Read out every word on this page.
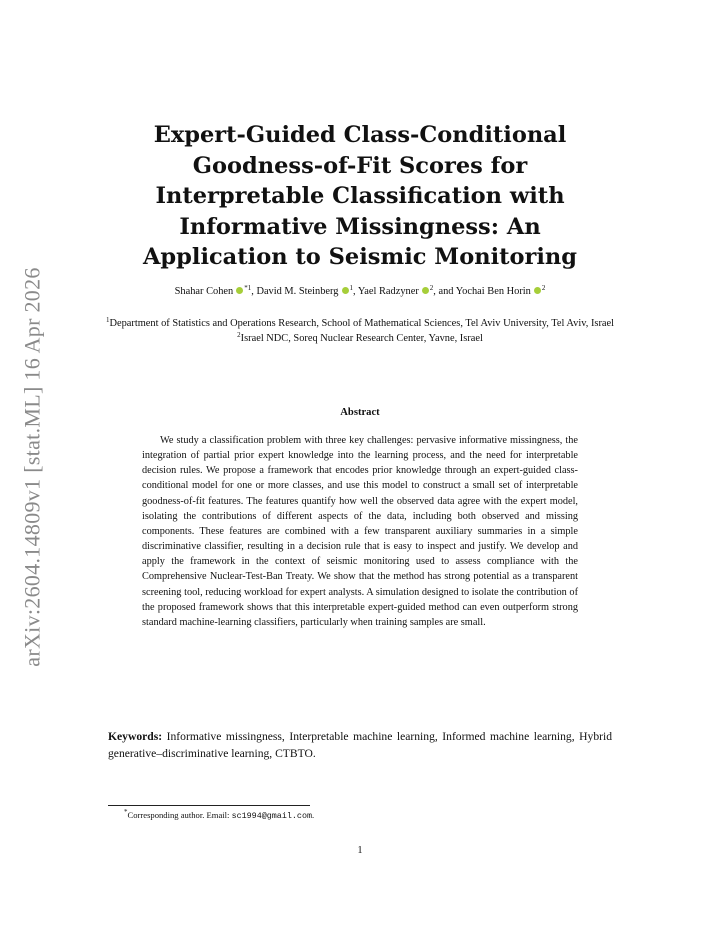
arXiv:2604.14809v1 [stat.ML] 16 Apr 2026
Expert-Guided Class-Conditional Goodness-of-Fit Scores for Interpretable Classification with Informative Missingness: An Application to Seismic Monitoring
Shahar Cohen $^{*1}$, David M. Steinberg $^1$, Yael Radzyner $^2$, and Yochai Ben Horin $^2$
$^1$Department of Statistics and Operations Research, School of Mathematical Sciences, Tel Aviv University, Tel Aviv, Israel
$^2$Israel NDC, Soreq Nuclear Research Center, Yavne, Israel
Abstract

We study a classification problem with three key challenges: pervasive informative missingness, the integration of partial prior expert knowledge into the learning process, and the need for interpretable decision rules. We propose a framework that encodes prior knowledge through an expert-guided class-conditional model for one or more classes, and use this model to construct a small set of interpretable goodness-of-fit features. The features quantify how well the observed data agree with the expert model, isolating the contributions of different aspects of the data, including both observed and missing components. These features are combined with a few transparent auxiliary summaries in a simple discriminative classifier, resulting in a decision rule that is easy to inspect and justify. We develop and apply the framework in the context of seismic monitoring used to assess compliance with the Comprehensive Nuclear-Test-Ban Treaty. We show that the method has strong potential as a transparent screening tool, reducing workload for expert analysts. A simulation designed to isolate the contribution of the proposed framework shows that this interpretable expert-guided method can even outperform strong standard machine-learning classifiers, particularly when training samples are small.

Keywords: Informative missingness, Interpretable machine learning, Informed machine learning, Hybrid generative–discriminative learning, CTBTO.

*Corresponding author. Email: sc1994@gmail.com.
1
